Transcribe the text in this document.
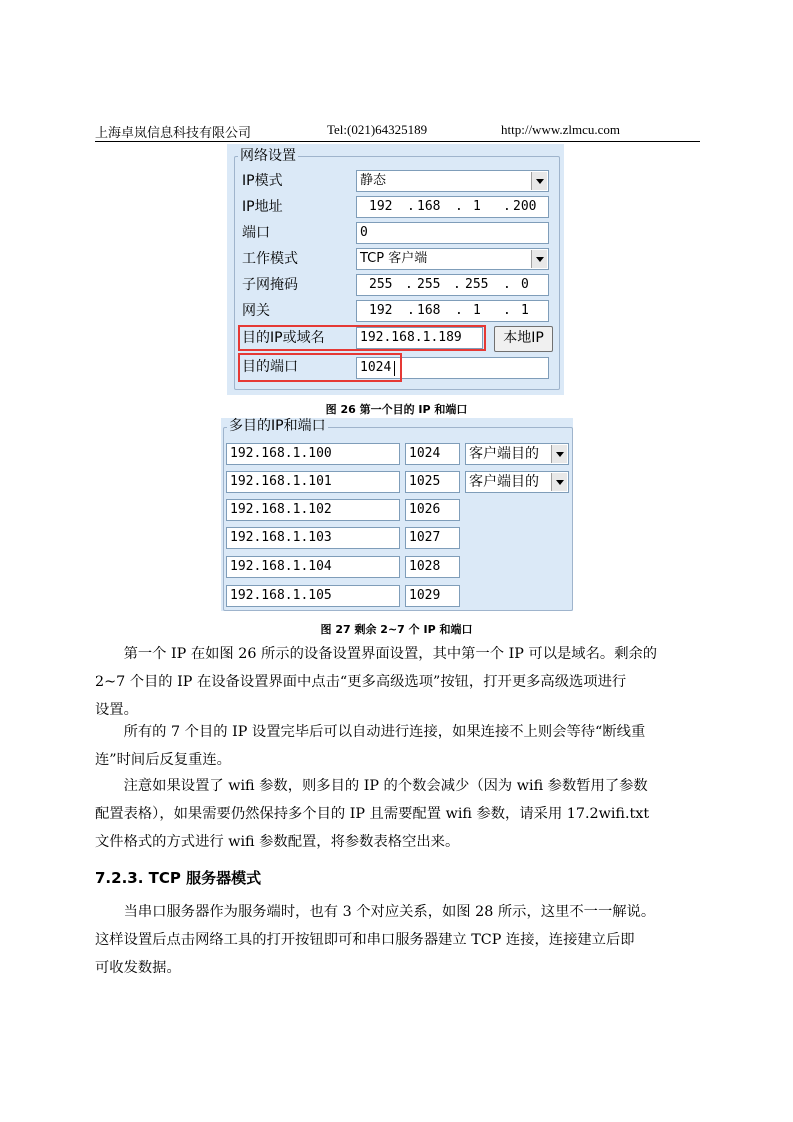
上海卓岚信息科技有限公司	Tel:(021)64325189	http://www.zlmcu.com
网络设置
IP模式	静态
IP地址	192 . 168 . 1 . 200
端口	0
工作模式	TCP 客户端
子网掩码	255 . 255 . 255 . 0
网关	192 . 168 . 1 . 1
目的IP或域名	192.168.1.189	本地IP
目的端口	1024
图 26 第一个目的 IP 和端口
多目的IP和端口
192.168.1.100	1024	客户端目的
192.168.1.101	1025	客户端目的
192.168.1.102	1026
192.168.1.103	1027
192.168.1.104	1028
192.168.1.105	1029
图 27 剩余 2~7 个 IP 和端口
　　第一个 IP 在如图 26 所示的设备设置界面设置，其中第一个 IP 可以是域名。剩余的
2~7 个目的 IP 在设备设置界面中点击“更多高级选项”按钮，打开更多高级选项进行
设置。
　　所有的 7 个目的 IP 设置完毕后可以自动进行连接，如果连接不上则会等待“断线重
连”时间后反复重连。
　　注意如果设置了 wifi 参数，则多目的 IP 的个数会减少（因为 wifi 参数暂用了参数
配置表格），如果需要仍然保持多个目的 IP 且需要配置 wifi 参数，请采用 17.2wifi.txt
文件格式的方式进行 wifi 参数配置，将参数表格空出来。
7.2.3. TCP 服务器模式
　　当串口服务器作为服务端时，也有 3 个对应关系，如图 28 所示，这里不一一解说。
这样设置后点击网络工具的打开按钮即可和串口服务器建立 TCP 连接，连接建立后即
可收发数据。
